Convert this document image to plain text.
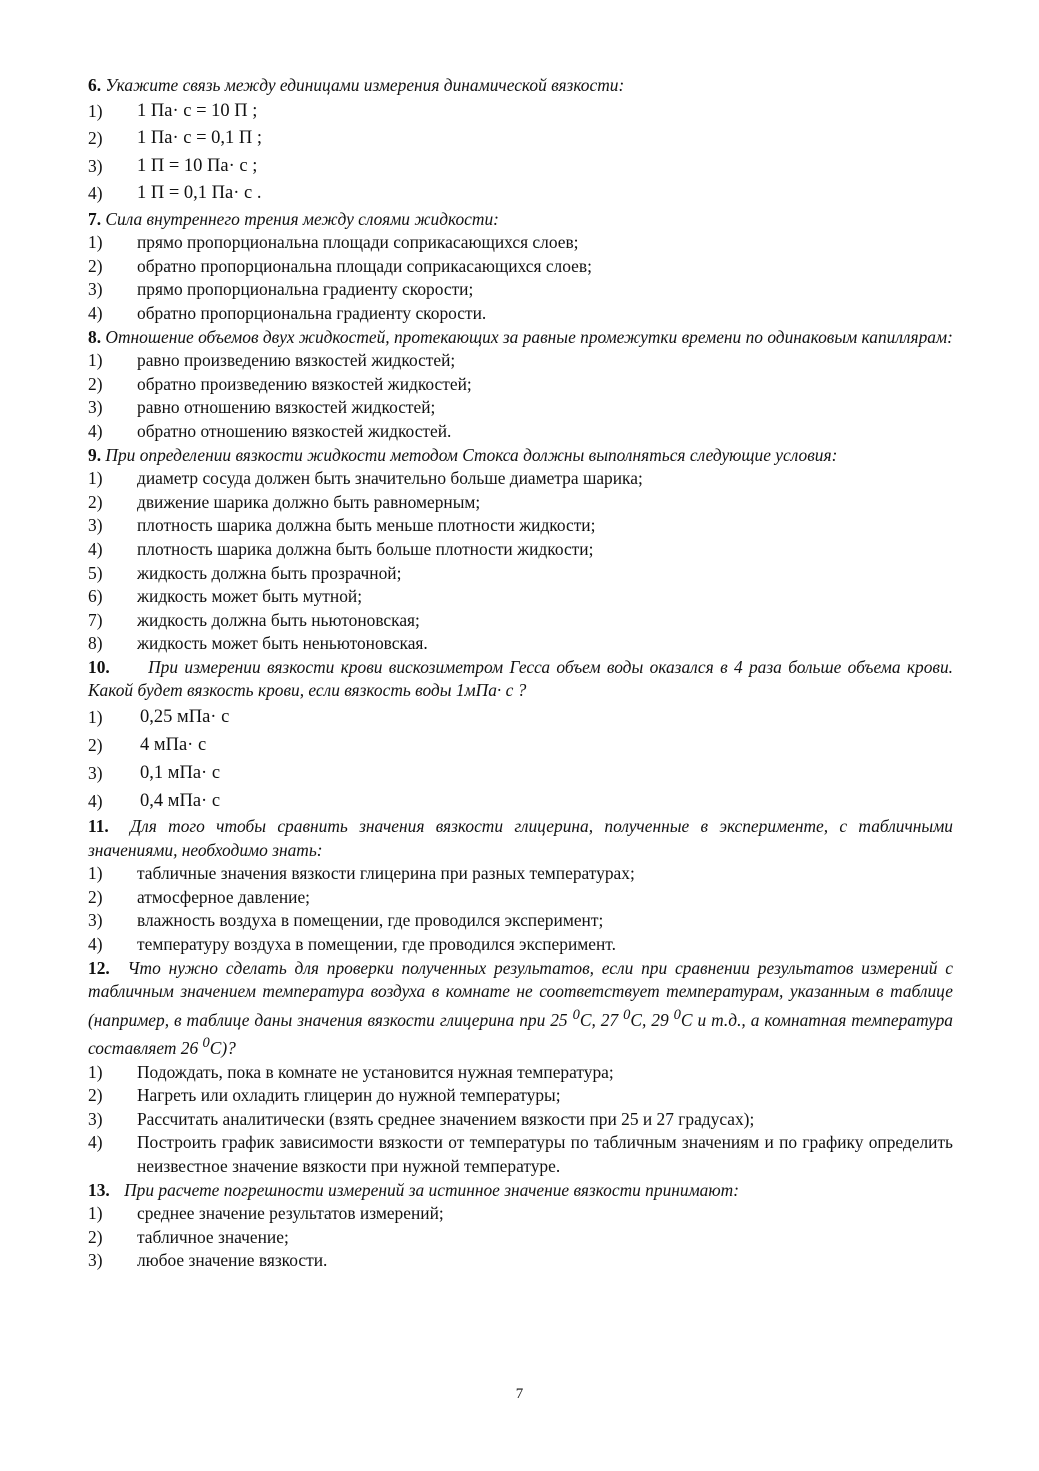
6. Укажите связь между единицами измерения динамической вязкости:
1)	1 Па· с = 10 П ;
2)	1 Па· с = 0,1 П ;
3)	1 П = 10 Па· с ;
4)	1 П = 0,1 Па· с .
7. Сила внутреннего трения между слоями жидкости:
1)	прямо пропорциональна площади соприкасающихся слоев;
2)	обратно пропорциональна площади соприкасающихся слоев;
3)	прямо пропорциональна градиенту скорости;
4)	обратно пропорциональна градиенту скорости.
8. Отношение объемов двух жидкостей, протекающих за равные промежутки времени по одинаковым капиллярам:
1)	равно произведению вязкостей жидкостей;
2)	обратно произведению вязкостей жидкостей;
3)	равно отношению вязкостей жидкостей;
4)	обратно отношению вязкостей жидкостей.
9. При определении вязкости жидкости методом Стокса должны выполняться следующие условия:
1)	диаметр сосуда должен быть значительно больше диаметра шарика;
2)	движение шарика должно быть равномерным;
3)	плотность шарика должна быть меньше плотности жидкости;
4)	плотность шарика должна быть больше плотности жидкости;
5)	жидкость должна быть прозрачной;
6)	жидкость может быть мутной;
7)	жидкость должна быть ньютоновская;
8)	жидкость может быть неньютоновская.
10. При измерении вязкости крови вискозиметром Гесса объем воды оказался в 4 раза больше объема крови. Какой будет вязкость крови, если вязкость воды 1мПа· с ?
1)	0,25 мПа· с
2)	4 мПа· с
3)	0,1 мПа· с
4)	0,4 мПа· с
11. Для того чтобы сравнить значения вязкости глицерина, полученные в эксперименте, с табличными значениями, необходимо знать:
1)	табличные значения вязкости глицерина при разных температурах;
2)	атмосферное давление;
3)	влажность воздуха в помещении, где проводился эксперимент;
4)	температуру воздуха в помещении, где проводился эксперимент.
12. Что нужно сделать для проверки полученных результатов, если при сравнении результатов измерений с табличным значением температура воздуха в комнате не соответствует температурам, указанным в таблице (например, в таблице даны значения вязкости глицерина при 25 $^0$С, 27 $^0$С, 29 $^0$С и т.д., а комнатная температура составляет 26 $^0$С)?
1)	Подождать, пока в комнате не установится нужная температура;
2)	Нагреть или охладить глицерин до нужной температуры;
3)	Рассчитать аналитически (взять среднее значением вязкости при 25 и 27 градусах);
4)	Построить график зависимости вязкости от температуры по табличным значениям и по графику определить неизвестное значение вязкости при нужной температуре.
13. При расчете погрешности измерений за истинное значение вязкости принимают:
1)	среднее значение результатов измерений;
2)	табличное значение;
3)	любое значение вязкости.
7
